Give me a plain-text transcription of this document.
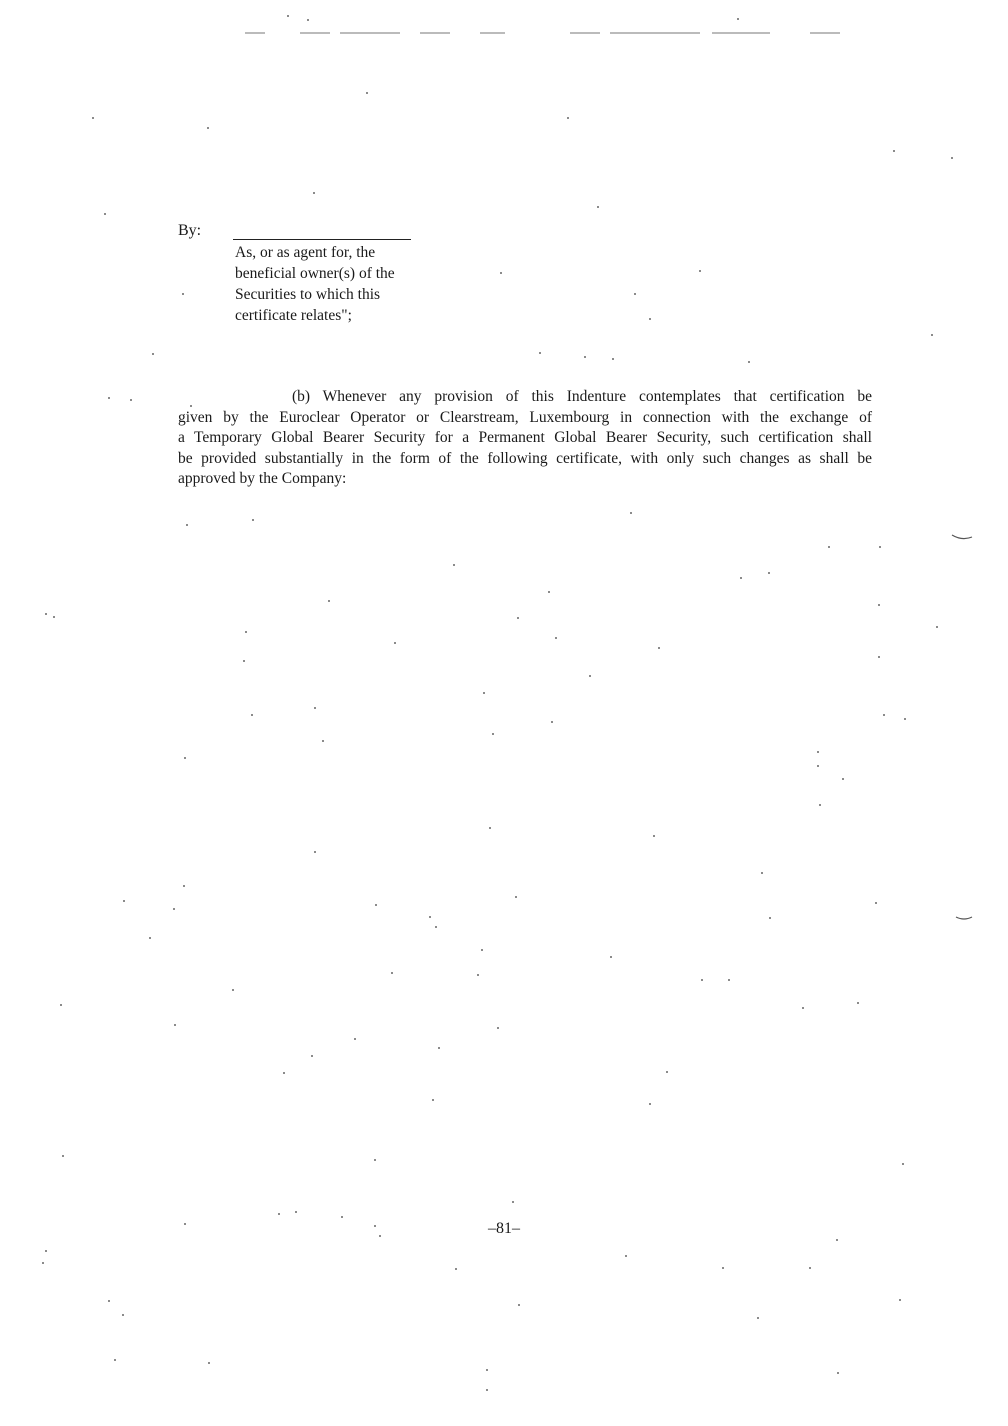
By:
As, or as agent for, the
beneficial owner(s) of the
Securities to which this
certificate relates";
(b) Whenever any provision of this Indenture contemplates that certification be
given by the Euroclear Operator or Clearstream, Luxembourg in connection with the exchange of
a Temporary Global Bearer Security for a Permanent Global Bearer Security, such certification shall
be provided substantially in the form of the following certificate, with only such changes as shall be
approved by the Company:
–81–
